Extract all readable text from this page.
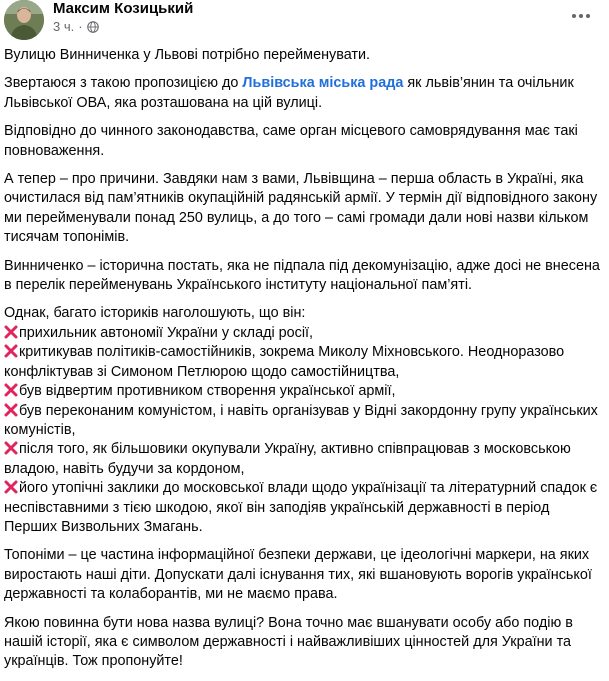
Максим Козицький
3 ч. ·

Вулицю Винниченка у Львові потрібно перейменувати.

Звертаюся з такою пропозицією до Львівська міська рада як львів’янин та очільник Львівської ОВА, яка розташована на цій вулиці.

Відповідно до чинного законодавства, саме орган місцевого самоврядування має такі повноваження.

А тепер – про причини. Завдяки нам з вами, Львівщина – перша область в Україні, яка очистилася від пам’ятників окупаційній радянській армії. У термін дії відповідного закону ми перейменували понад 250 вулиць, а до того – самі громади дали нові назви кільком тисячам топонімів.

Винниченко – історична постать, яка не підпала під декомунізацію, адже досі не внесена в перелік перейменувань Українського інституту національної пам’яті.

Однак, багато істориків наголошують, що він:
прихильник автономії України у складі росії,
критикував політиків-самостійників, зокрема Миколу Міхновського. Неодноразово конфліктував зі Симоном Петлюрою щодо самостійництва,
був відвертим противником створення української армії,
був переконаним комуністом, і навіть організував у Відні закордонну групу українських комуністів,
після того, як більшовики окупували Україну, активно співпрацював з московською владою, навіть будучи за кордоном,
його утопічні заклики до московської влади щодо українізації та літературний спадок є неспівставними з тією шкодою, якої він заподіяв українській державності в період Перших Визвольних Змагань.

Топоніми – це частина інформаційної безпеки держави, це ідеологічні маркери, на яких виростають наші діти. Допускати далі існування тих, які вшановують ворогів української державності та колаборантів, ми не маємо права.

Якою повинна бути нова назва вулиці? Вона точно має вшанувати особу або подію в нашій історії, яка є символом державності і найважливіших цінностей для України та українців. Тож пропонуйте!
